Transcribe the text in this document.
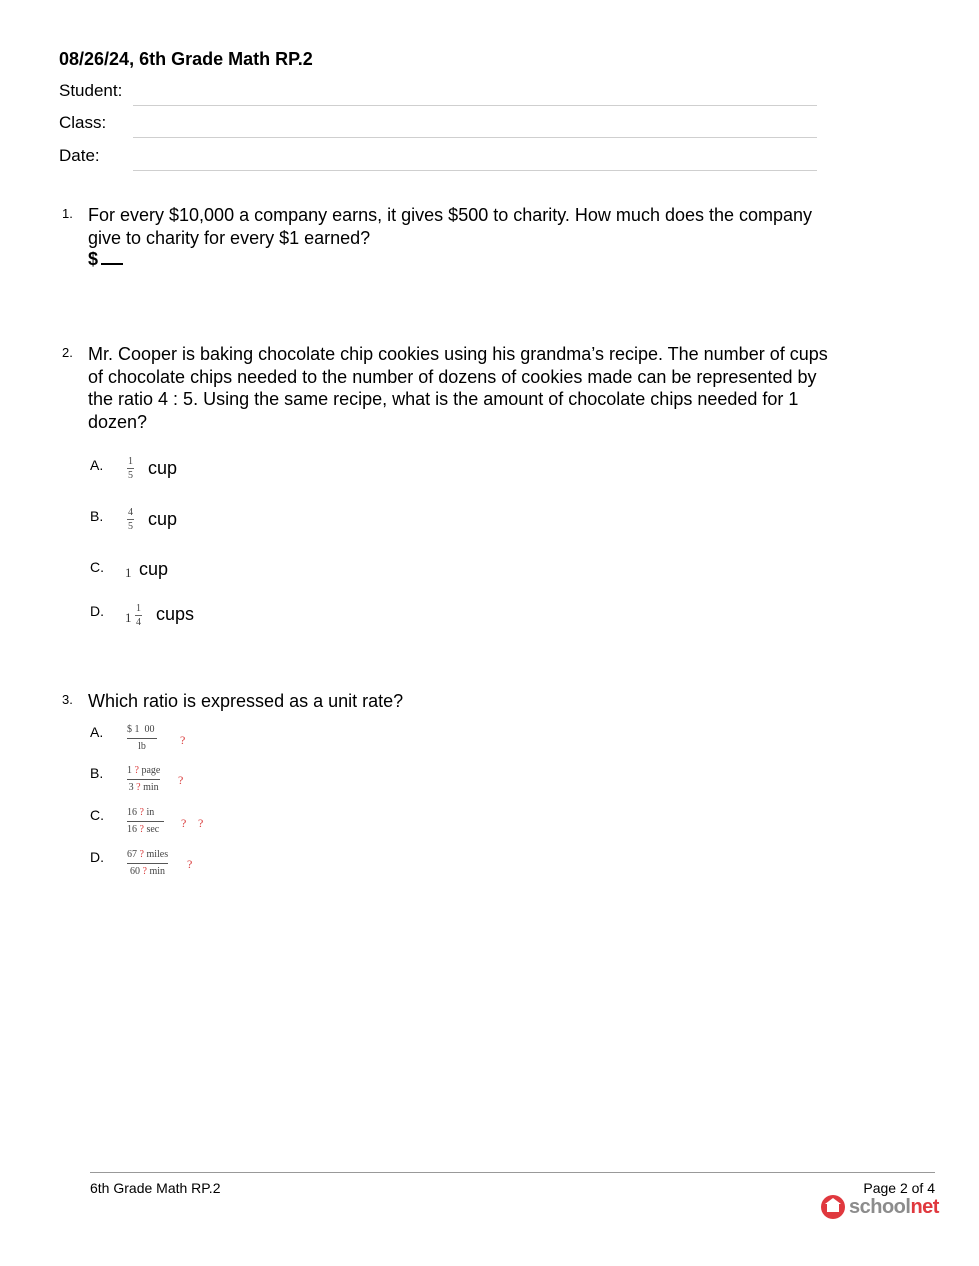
08/26/24, 6th Grade Math RP.2
Student:
Class:
Date:
1. For every $10,000 a company earns, it gives $500 to charity. How much does the company give to charity for every $1 earned?
$
2. Mr. Cooper is baking chocolate chip cookies using his grandma’s recipe. The number of cups of chocolate chips needed to the number of dozens of cookies made can be represented by the ratio 4 : 5. Using the same recipe, what is the amount of chocolate chips needed for 1 dozen?
A. 1
5 cup
B. 4
5 cup
C. 1 cup
D. 1
1
4 cups
3. Which ratio is expressed as a unit rate?
A. $ 1 00
lb	?
B. 1 ? page
3 ? min
?
C. 16 ? in
16 ? sec	? ?
D. 67 ? miles
60 ? min
?
6th Grade Math RP.2	Page 2 of 4
schoolnet
